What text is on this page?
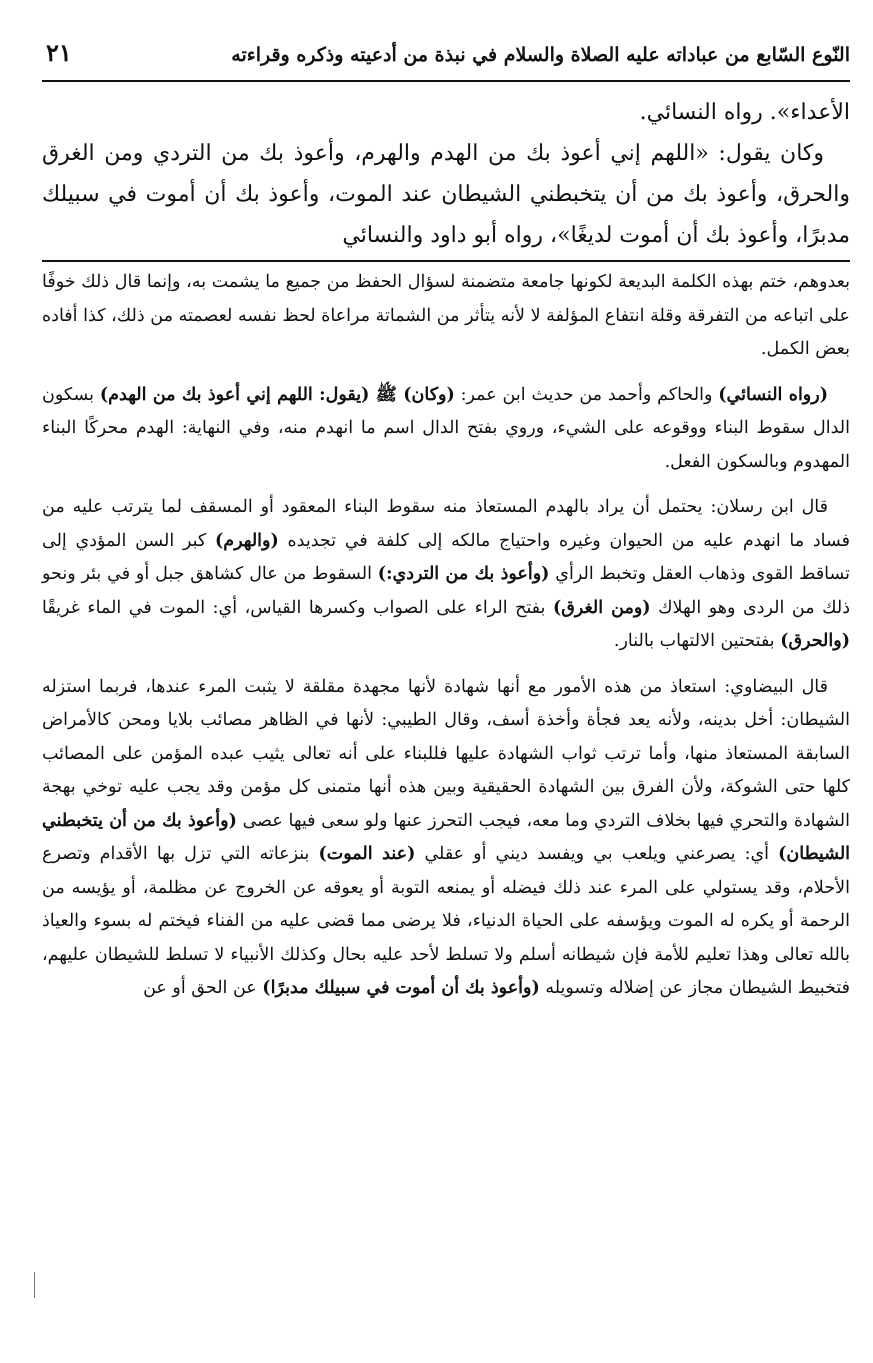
٢١	النّوع السّابع من عباداته عليه الصلاة والسلام في نبذة من أدعيته وذكره وقراءته

الأعداء». رواه النسائي.

وكان يقول: «اللهم إني أعوذ بك من الهدم والهرم، وأعوذ بك من التردي ومن الغرق والحرق، وأعوذ بك من أن يتخبطني الشيطان عند الموت، وأعوذ بك أن أموت في سبيلك مدبرًا، وأعوذ بك أن أموت لديغًا»، رواه أبو داود والنسائي

بعدوهم، ختم بهذه الكلمة البديعة لكونها جامعة متضمنة لسؤال الحفظ من جميع ما يشمت به، وإنما قال ذلك خوفًا على اتباعه من التفرقة وقلة انتفاع المؤلفة لا لأنه يتأثر من الشماتة مراعاة لحظ نفسه لعصمته من ذلك، كذا أفاده بعض الكمل.

(رواه النسائي) والحاكم وأحمد من حديث ابن عمر: (وكان) ﷺ (يقول: اللهم إني أعوذ بك من الهدم) بسكون الدال سقوط البناء ووقوعه على الشيء، وروي بفتح الدال اسم ما انهدم منه، وفي النهاية: الهدم محركًا البناء المهدوم وبالسكون الفعل.

قال ابن رسلان: يحتمل أن يراد بالهدم المستعاذ منه سقوط البناء المعقود أو المسقف لما يترتب عليه من فساد ما انهدم عليه من الحيوان وغيره واحتياج مالكه إلى كلفة في تجديده (والهرم) كبر السن المؤدي إلى تساقط القوى وذهاب العقل وتخبط الرأي (وأعوذ بك من التردي:) السقوط من عال كشاهق جبل أو في بئر ونحو ذلك من الردى وهو الهلاك (ومن الغرق) بفتح الراء على الصواب وكسرها القياس، أي: الموت في الماء غريقًا (والحرق) بفتحتين الالتهاب بالنار.

قال البيضاوي: استعاذ من هذه الأمور مع أنها شهادة لأنها مجهدة مقلقة لا يثبت المرء عندها، فربما استزله الشيطان: أخل بدينه، ولأنه يعد فجأة وأخذة أسف، وقال الطيبي: لأنها في الظاهر مصائب بلايا ومحن كالأمراض السابقة المستعاذ منها، وأما ترتب ثواب الشهادة عليها فللبناء على أنه تعالى يثيب عبده المؤمن على المصائب كلها حتى الشوكة، ولأن الفرق بين الشهادة الحقيقية وبين هذه أنها متمنى كل مؤمن وقد يجب عليه توخي بهجة الشهادة والتحري فيها بخلاف التردي وما معه، فيجب التحرز عنها ولو سعى فيها عصى (وأعوذ بك من أن يتخبطني الشيطان) أي: يصرعني ويلعب بي ويفسد ديني أو عقلي (عند الموت) بنزعاته التي تزل بها الأقدام وتصرع الأحلام، وقد يستولي على المرء عند ذلك فيضله أو يمنعه التوبة أو يعوقه عن الخروج عن مظلمة، أو يؤيسه من الرحمة أو يكره له الموت ويؤسفه على الحياة الدنياء، فلا يرضى مما قضى عليه من الفناء فيختم له بسوء والعياذ بالله تعالى وهذا تعليم للأمة فإن شيطانه أسلم ولا تسلط لأحد عليه بحال وكذلك الأنبياء لا تسلط للشيطان عليهم، فتخبيط الشيطان مجاز عن إضلاله وتسويله (وأعوذ بك أن أموت في سبيلك مدبرًا) عن الحق أو عن
